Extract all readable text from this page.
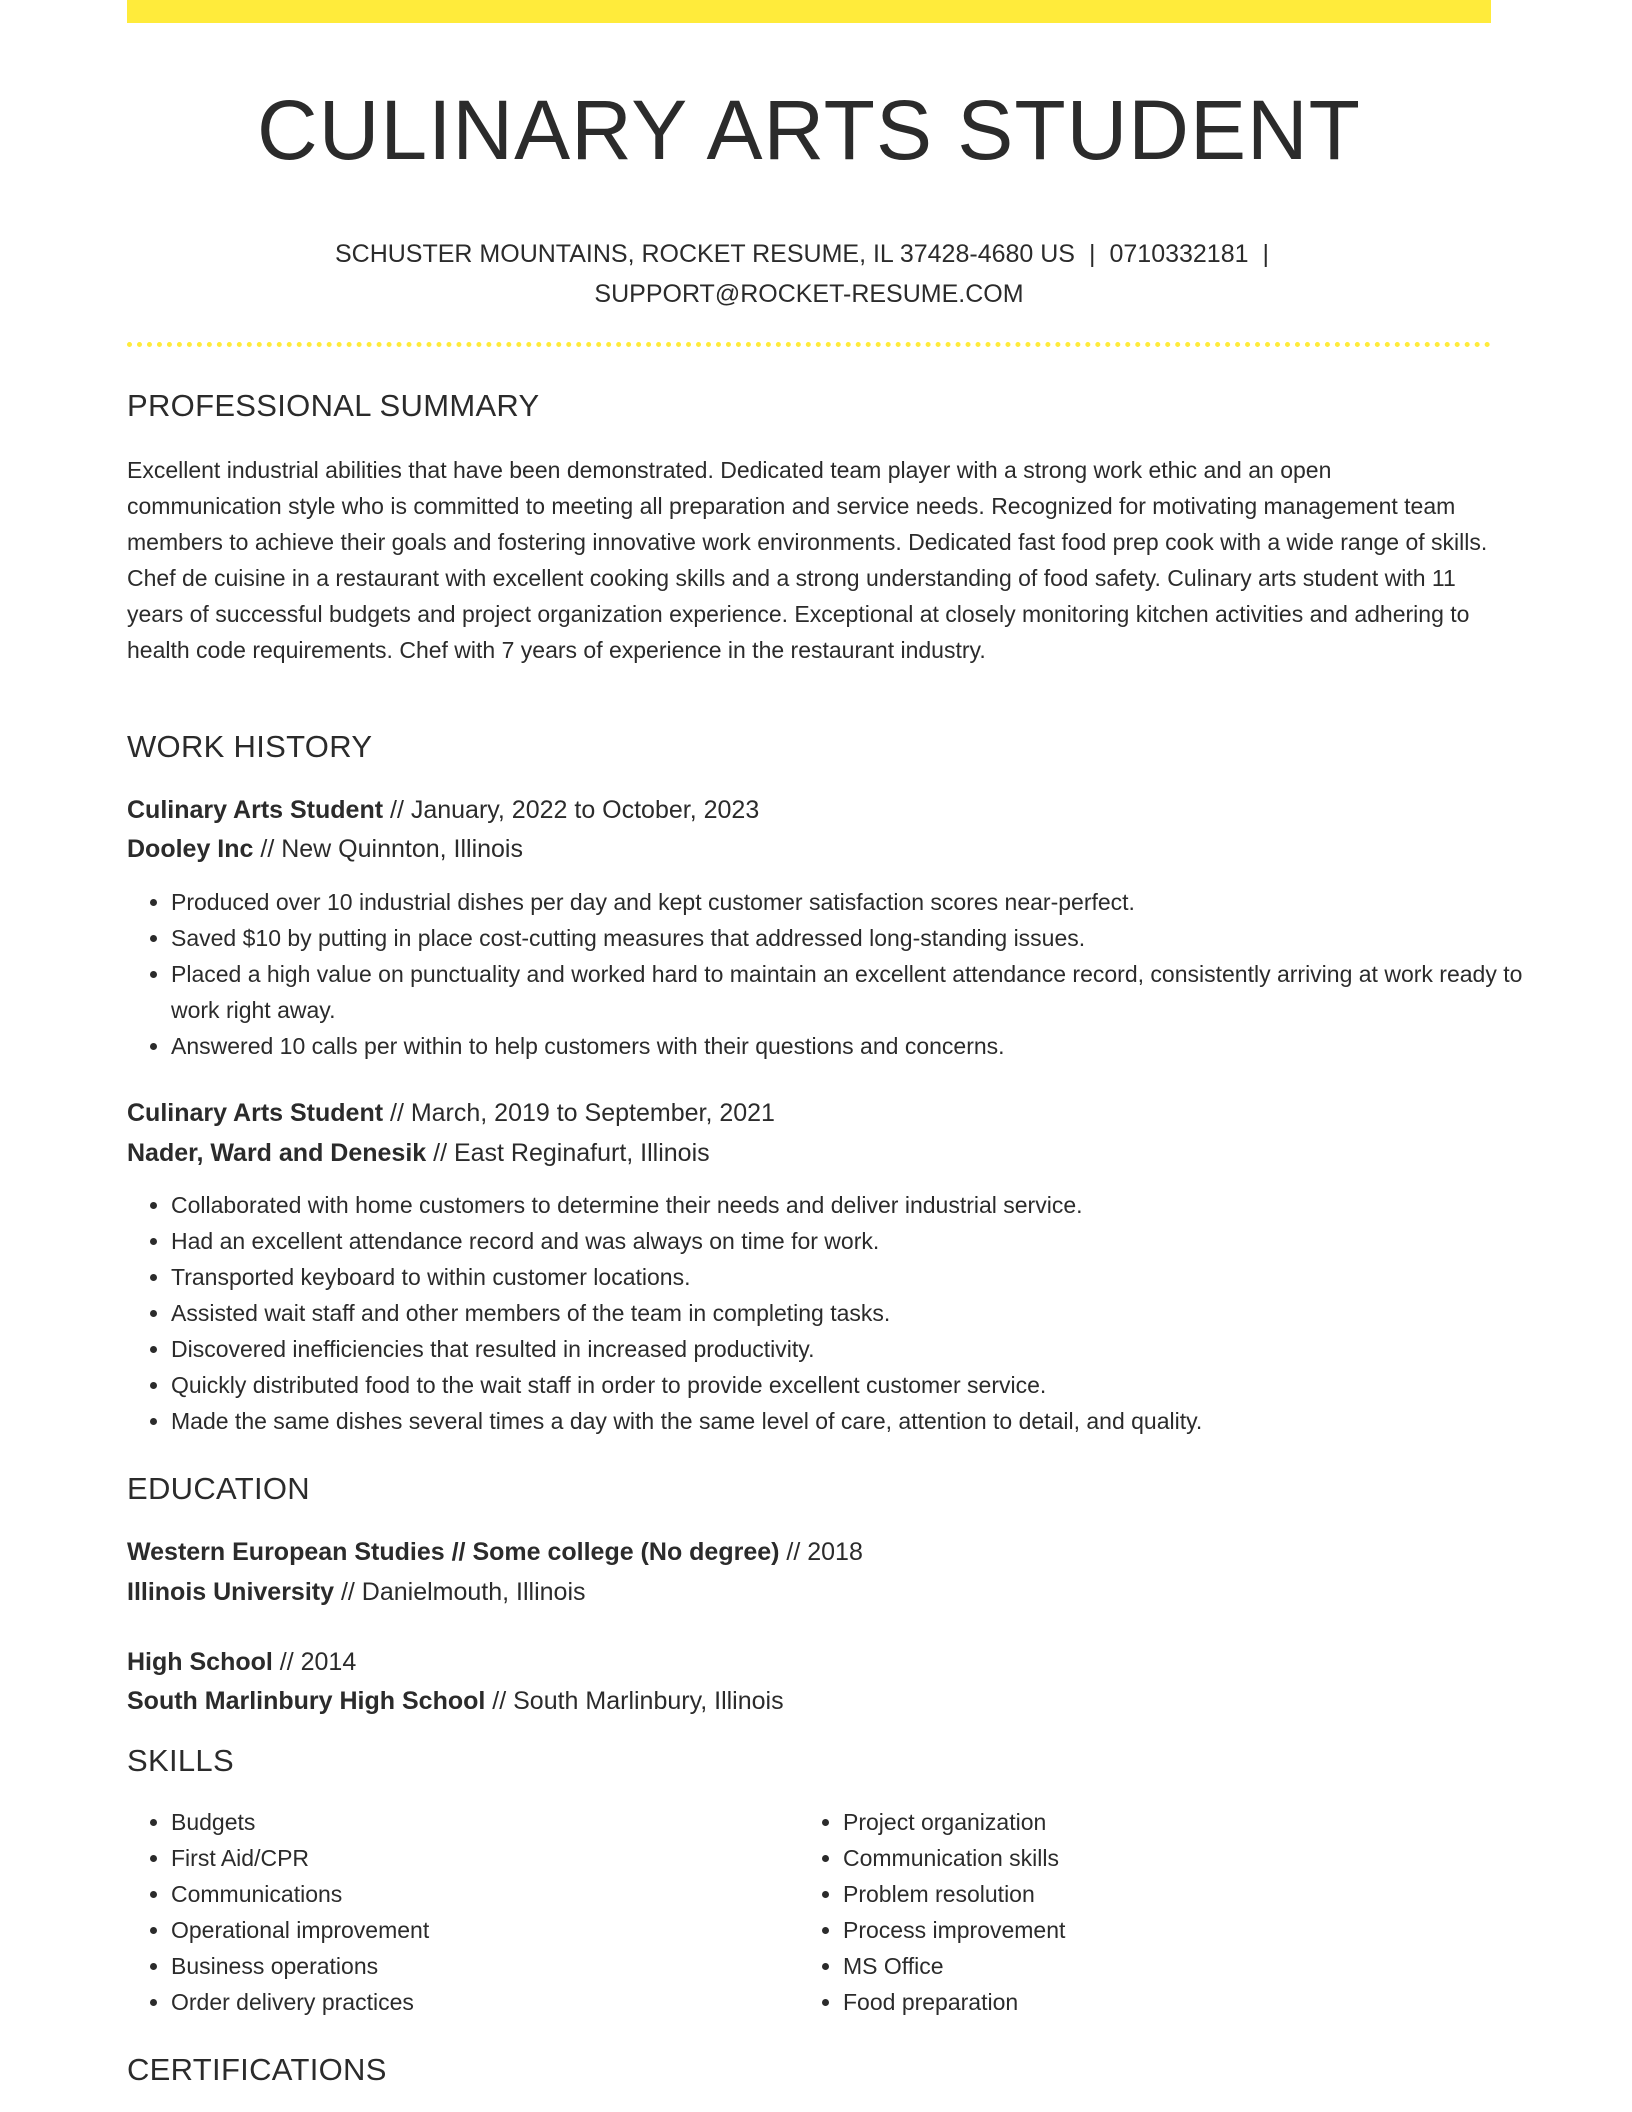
CULINARY ARTS STUDENT
SCHUSTER MOUNTAINS, ROCKET RESUME, IL 37428-4680 US | 0710332181 |
SUPPORT@ROCKET-RESUME.COM
PROFESSIONAL SUMMARY

Excellent industrial abilities that have been demonstrated. Dedicated team player with a strong work ethic and an open communication style who is committed to meeting all preparation and service needs. Recognized for motivating management team members to achieve their goals and fostering innovative work environments. Dedicated fast food prep cook with a wide range of skills. Chef de cuisine in a restaurant with excellent cooking skills and a strong understanding of food safety. Culinary arts student with 11 years of successful budgets and project organization experience. Exceptional at closely monitoring kitchen activities and adhering to health code requirements. Chef with 7 years of experience in the restaurant industry.

WORK HISTORY
Culinary Arts Student // January, 2022 to October, 2023
Dooley Inc // New Quinnton, Illinois
• Produced over 10 industrial dishes per day and kept customer satisfaction scores near-perfect.
• Saved $10 by putting in place cost-cutting measures that addressed long-standing issues.
• Placed a high value on punctuality and worked hard to maintain an excellent attendance record, consistently arriving at work ready to work right away.
• Answered 10 calls per within to help customers with their questions and concerns.
Culinary Arts Student // March, 2019 to September, 2021
Nader, Ward and Denesik // East Reginafurt, Illinois
• Collaborated with home customers to determine their needs and deliver industrial service.
• Had an excellent attendance record and was always on time for work.
• Transported keyboard to within customer locations.
• Assisted wait staff and other members of the team in completing tasks.
• Discovered inefficiencies that resulted in increased productivity.
• Quickly distributed food to the wait staff in order to provide excellent customer service.
• Made the same dishes several times a day with the same level of care, attention to detail, and quality.
EDUCATION
Western European Studies // Some college (No degree) // 2018
Illinois University // Danielmouth, Illinois
High School // 2014
South Marlinbury High School // South Marlinbury, Illinois
SKILLS
• Budgets
• First Aid/CPR
• Communications
• Operational improvement
• Business operations
• Order delivery practices
• Project organization
• Communication skills
• Problem resolution
• Process improvement
• MS Office
• Food preparation
CERTIFICATIONS
